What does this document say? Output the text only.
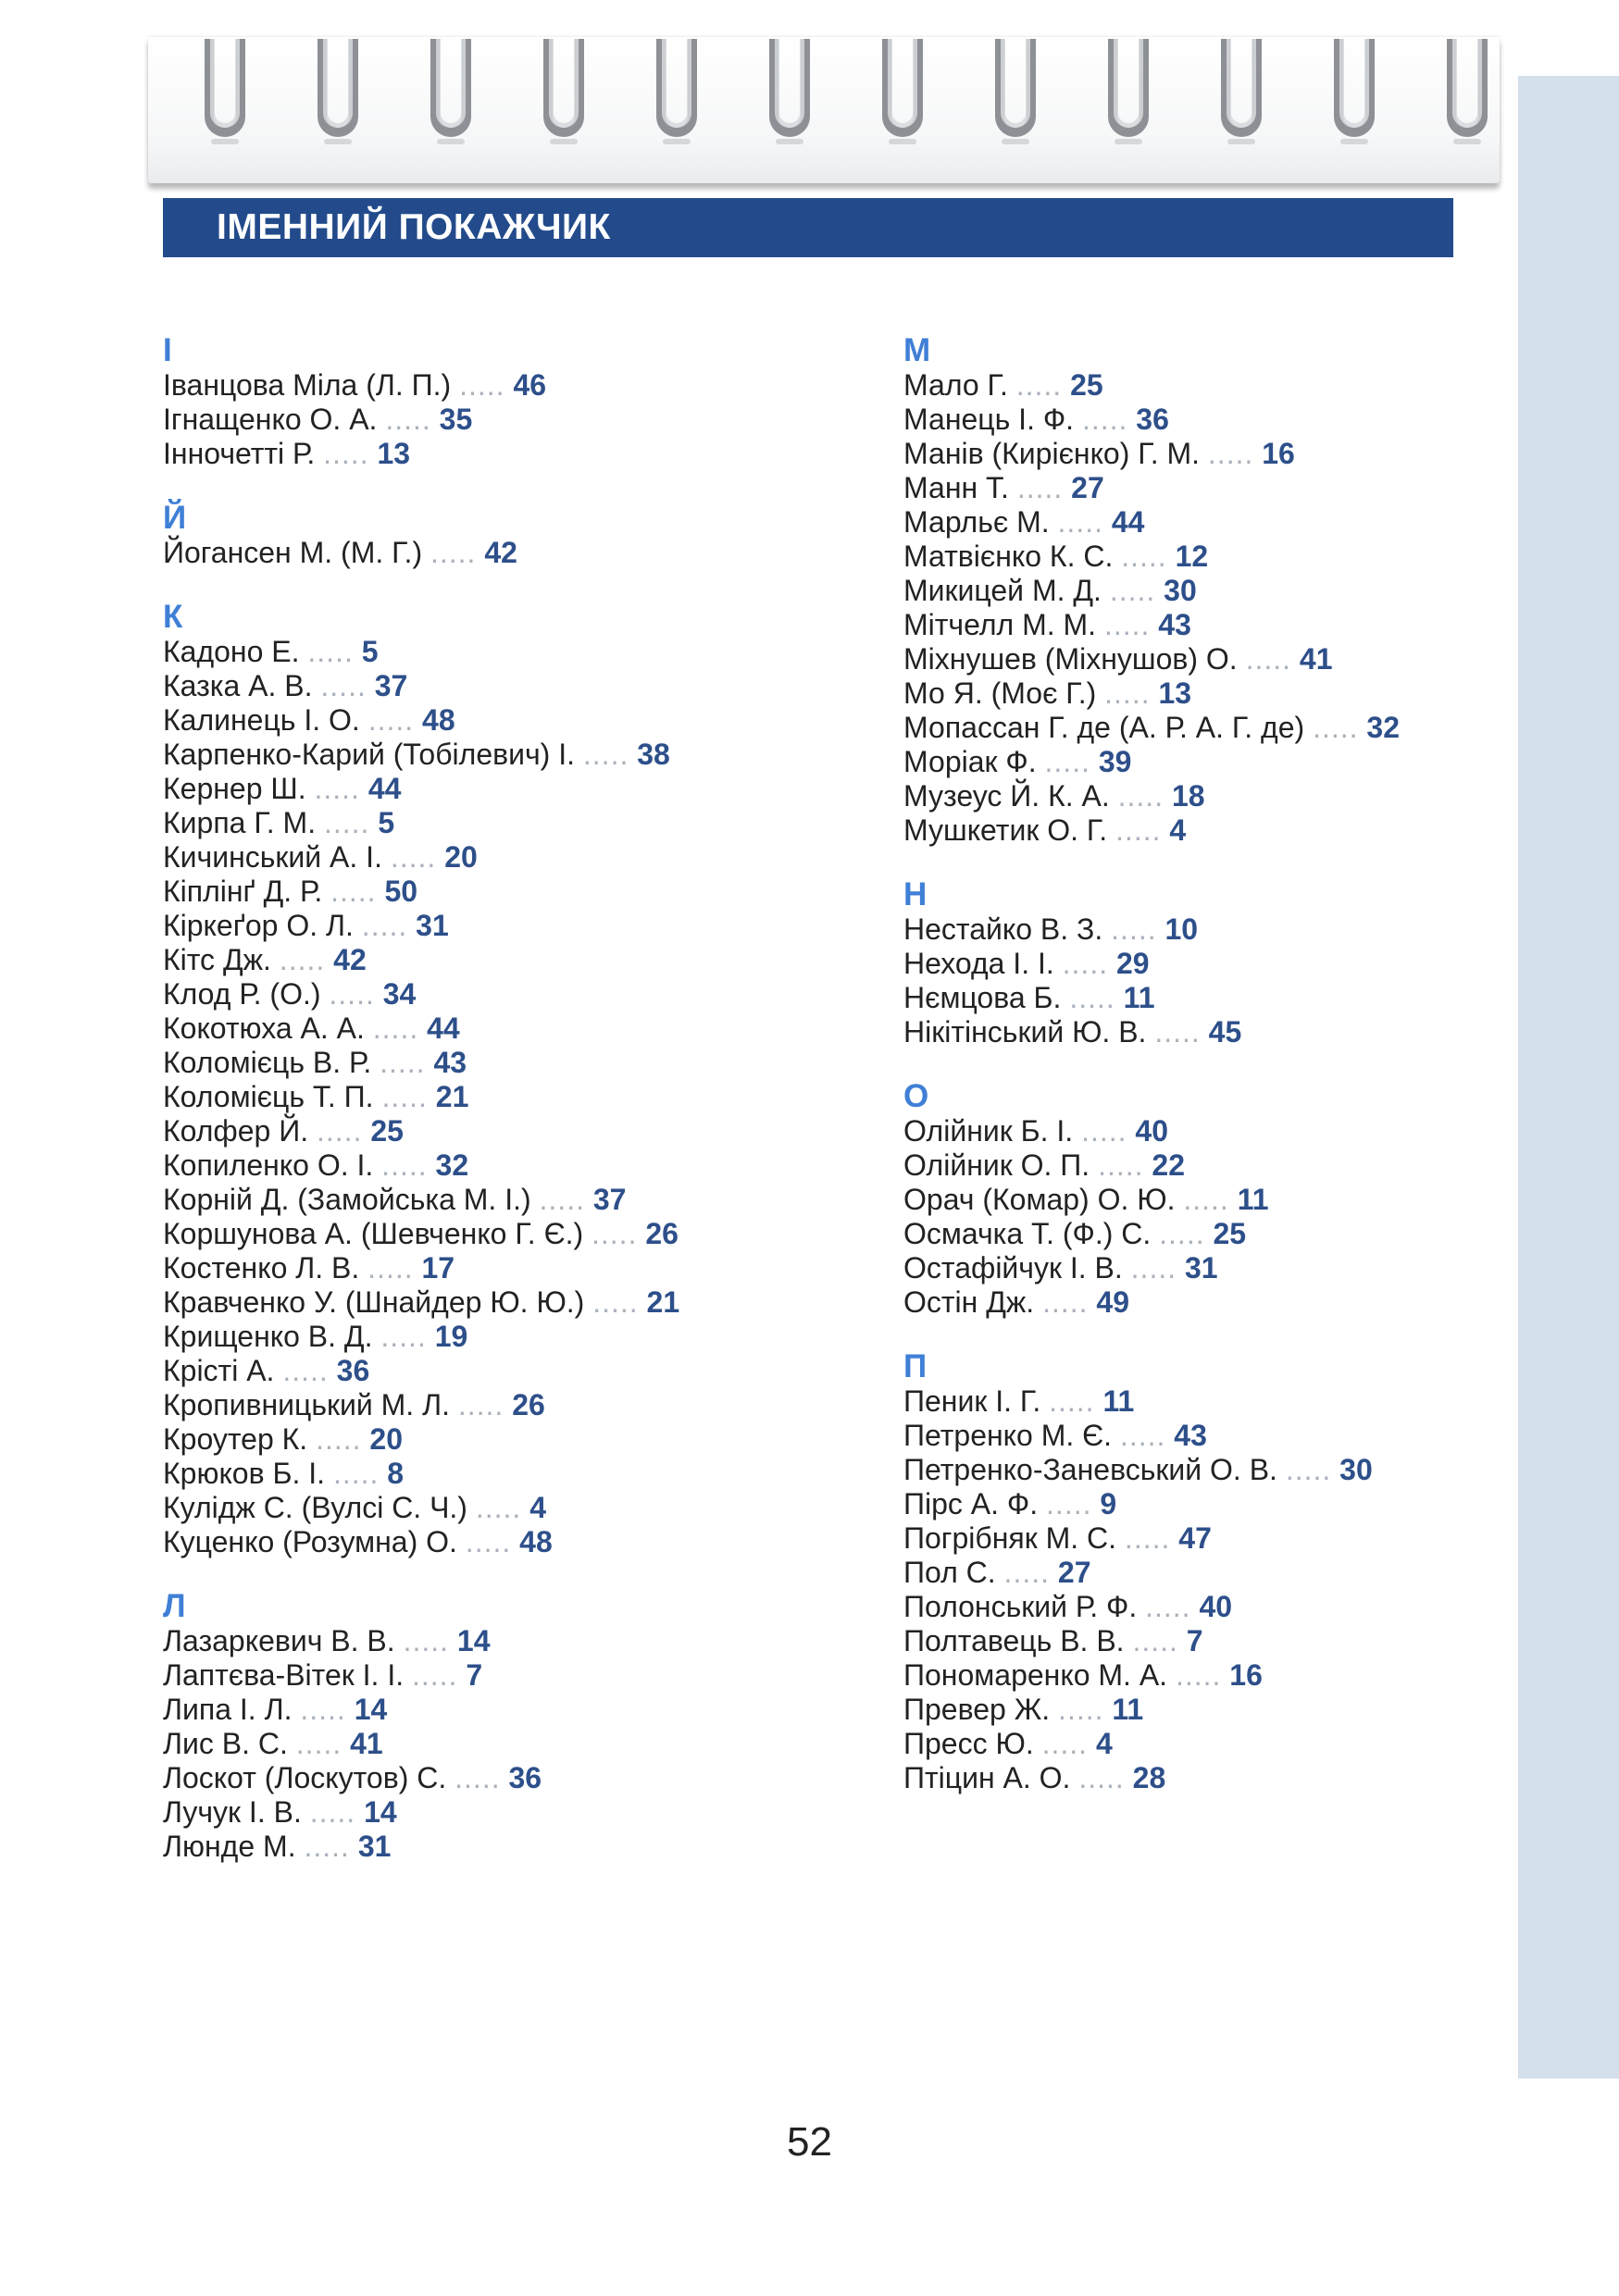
ІМЕННИЙ ПОКАЖЧИК
І
Іванцова Міла (Л. П.) ..... 46
Ігнащенко О. А. ..... 35
Інночетті Р. ..... 13
Й
Йогансен М. (М. Г.) ..... 42
К
Кадоно Е. ..... 5
Казка А. В. ..... 37
Калинець І. О. ..... 48
Карпенко-Карий (Тобілевич) І. ..... 38
Кернер Ш. ..... 44
Кирпа Г. М. ..... 5
Кичинський А. І. ..... 20
Кіплінґ Д. Р. ..... 50
Кіркеґор О. Л. ..... 31
Кітс Дж. ..... 42
Клод Р. (О.) ..... 34
Кокотюха А. А. ..... 44
Коломієць В. Р. ..... 43
Коломієць Т. П. ..... 21
Колфер Й. ..... 25
Копиленко О. І. ..... 32
Корній Д. (Замойська М. І.) ..... 37
Коршунова А. (Шевченко Г. Є.) ..... 26
Костенко Л. В. ..... 17
Кравченко У. (Шнайдер Ю. Ю.) ..... 21
Крищенко В. Д. ..... 19
Крісті А. ..... 36
Кропивницький М. Л. ..... 26
Кроутер К. ..... 20
Крюков Б. І. ..... 8
Кулідж С. (Вулсі С. Ч.) ..... 4
Куценко (Розумна) О. ..... 48
Л
Лазаркевич В. В. ..... 14
Лаптєва-Вітек І. І. ..... 7
Липа І. Л. ..... 14
Лис В. С. ..... 41
Лоскот (Лоскутов) С. ..... 36
Лучук І. В. ..... 14
Люнде М. ..... 31
М
Мало Г. ..... 25
Манець І. Ф. ..... 36
Манів (Кирієнко) Г. М. ..... 16
Манн Т. ..... 27
Марльє М. ..... 44
Матвієнко К. С. ..... 12
Микицей М. Д. ..... 30
Мітчелл М. М. ..... 43
Міхнушев (Міхнушов) О. ..... 41
Мо Я. (Моє Г.) ..... 13
Мопассан Г. де (А. Р. А. Г. де) ..... 32
Моріак Ф. ..... 39
Музеус Й. К. А. ..... 18
Мушкетик О. Г. ..... 4
Н
Нестайко В. З. ..... 10
Нехода І. І. ..... 29
Нємцова Б. ..... 11
Нікітінський Ю. В. ..... 45
О
Олійник Б. І. ..... 40
Олійник О. П. ..... 22
Орач (Комар) О. Ю. ..... 11
Осмачка Т. (Ф.) С. ..... 25
Остафійчук І. В. ..... 31
Остін Дж. ..... 49
П
Пеник І. Г. ..... 11
Петренко М. Є. ..... 43
Петренко-Заневський О. В. ..... 30
Пірс А. Ф. ..... 9
Погрібняк М. С. ..... 47
Пол С. ..... 27
Полонський Р. Ф. ..... 40
Полтавець В. В. ..... 7
Пономаренко М. А. ..... 16
Превер Ж. ..... 11
Пресс Ю. ..... 4
Птіцин А. О. ..... 28
52
